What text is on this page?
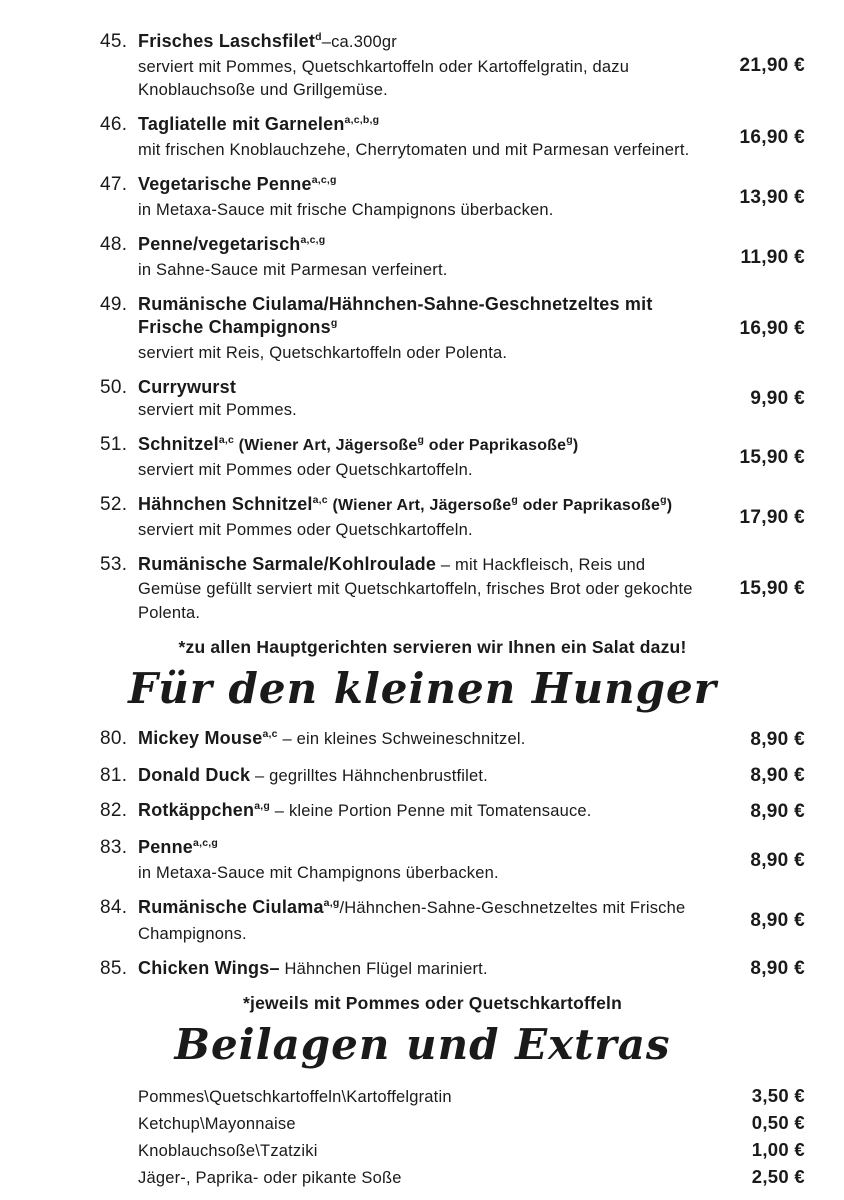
45. Frisches Laschsfilet$^d$–ca.300gr
serviert mit Pommes, Quetschkartoffeln oder Kartoffelgratin, dazu Knoblauchsoße und Grillgemüse.
21,90 €
46. Tagliatelle mit Garnelen$^{a,c,b,g}$
mit frischen Knoblauchzehe, Cherrytomaten und mit Parmesan verfeinert.
16,90 €
47. Vegetarische Penne$^{a,c,g}$
in Metaxa-Sauce mit frische Champignons überbacken.
13,90 €
48. Penne/vegetarisch$^{a,c,g}$
in Sahne-Sauce mit Parmesan verfeinert.
11,90 €
49. Rumänische Ciulama/Hähnchen-Sahne-Geschnetzeltes mit Frische Champignons$^g$
serviert mit Reis, Quetschkartoffeln oder Polenta.
16,90 €
50. Currywurst
serviert mit Pommes.
9,90 €
51. Schnitzel$^{a,c}$ (Wiener Art, Jägersoße$^g$ oder Paprikasoße$^g$)
serviert mit Pommes oder Quetschkartoffeln.
15,90 €
52. Hähnchen Schnitzel$^{a,c}$ (Wiener Art, Jägersoße$^g$ oder Paprikasoße$^g$)
serviert mit Pommes oder Quetschkartoffeln.
17,90 €
53. Rumänische Sarmale/Kohlroulade – mit Hackfleisch, Reis und Gemüse gefüllt serviert mit Quetschkartoffeln, frisches Brot oder gekochte Polenta.
15,90 €
*zu allen Hauptgerichten servieren wir Ihnen ein Salat dazu!
Für den kleinen Hunger
80. Mickey Mouse$^{a,c}$ – ein kleines Schweineschnitzel.	8,90 €
81. Donald Duck – gegrilltes Hähnchenbrustfilet.	8,90 €
82. Rotkäppchen$^{a,g}$ – kleine Portion Penne mit Tomatensauce.	8,90 €
83. Penne$^{a,c,g}$
in Metaxa-Sauce mit Champignons überbacken.
8,90 €
84. Rumänische Ciulama$^{a,g}$/Hähnchen-Sahne-Geschnetzeltes mit Frische Champignons.
8,90 €
85. Chicken Wings– Hähnchen Flügel mariniert.	8,90 €
*jeweils mit Pommes oder Quetschkartoffeln
Beilagen und Extras
Pommes\Quetschkartoffeln\Kartoffelgratin	3,50 €
Ketchup\Mayonnaise	0,50 €
Knoblauchsoße\Tzatziki	1,00 €
Jäger-, Paprika- oder pikante Soße	2,50 €
